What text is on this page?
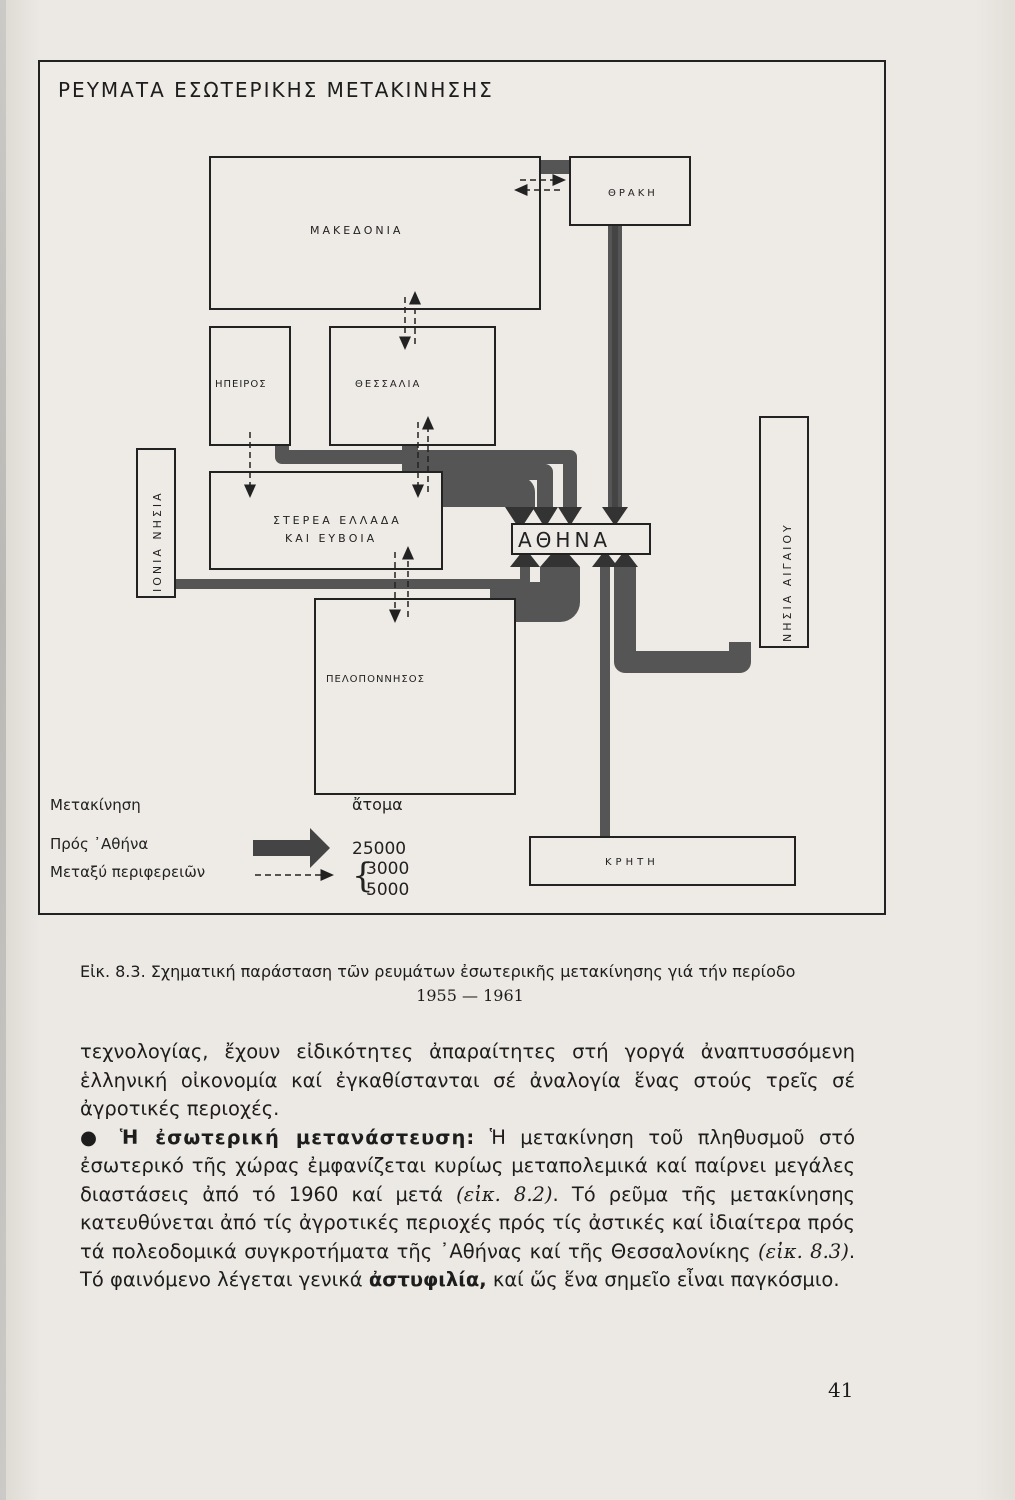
ΡΕΥΜΑΤΑ ΕΣΩΤΕΡΙΚΗΣ ΜΕΤΑΚΙΝΗΣΗΣ
ΜΑΚΕΔΟΝΙΑ
ΘΡΑΚΗ
ΗΠΕΙΡΟΣ	ΘΕΣΣΑΛΙΑ
ΣΤΕΡΕΑ ΕΛΛΑΔΑ
ΚΑΙ ΕΥΒΟΙΑ	ΑΘΗΝΑ
ΠΕΛΟΠΟΝΝΗΣΟΣ
ΚΡΗΤΗ
ΙΟΝΙΑ ΝΗΣΙΑ	ΝΗΣΙΑ ΑΙΓΑΙΟΥ
Μετακίνηση	ἄτομα
Πρός ᾿Αθήνα	25000
Μεταξύ περιφερειῶν	{
3000
5000
Εἰκ. 8.3. Σχηματική παράσταση τῶν ρευμάτων ἐσωτερικῆς μετακίνησης γιά τήν περίοδο
1955 — 1961

τεχνολογίας, ἔχουν εἰδικότητες ἀπαραίτητες στή γοργά ἀναπτυσσόμενη ἑλληνική οἰκονομία καί ἐγκαθίστανται σέ ἀναλογία ἕνας στούς τρεῖς σέ ἀγροτικές περιοχές.

● Ἡ ἐσωτερική μετανάστευση: Ἡ μετακίνηση τοῦ πληθυσμοῦ στό ἐσωτερικό τῆς χώρας ἐμφανίζεται κυρίως μεταπολεμικά καί παίρνει μεγάλες διαστάσεις ἀπό τό 1960 καί μετά (εἰκ. 8.2). Τό ρεῦμα τῆς μετακίνησης κατευθύνεται ἀπό τίς ἀγροτικές περιοχές πρός τίς ἀστικές καί ἰδιαίτερα πρός τά πολεοδομικά συγκροτήματα τῆς ᾿Αθήνας καί τῆς Θεσσαλονίκης (εἰκ. 8.3). Τό φαινόμενο λέγεται γενικά ἀστυφιλία, καί ὥς ἕνα σημεῖο εἶναι παγκόσμιο.

41
